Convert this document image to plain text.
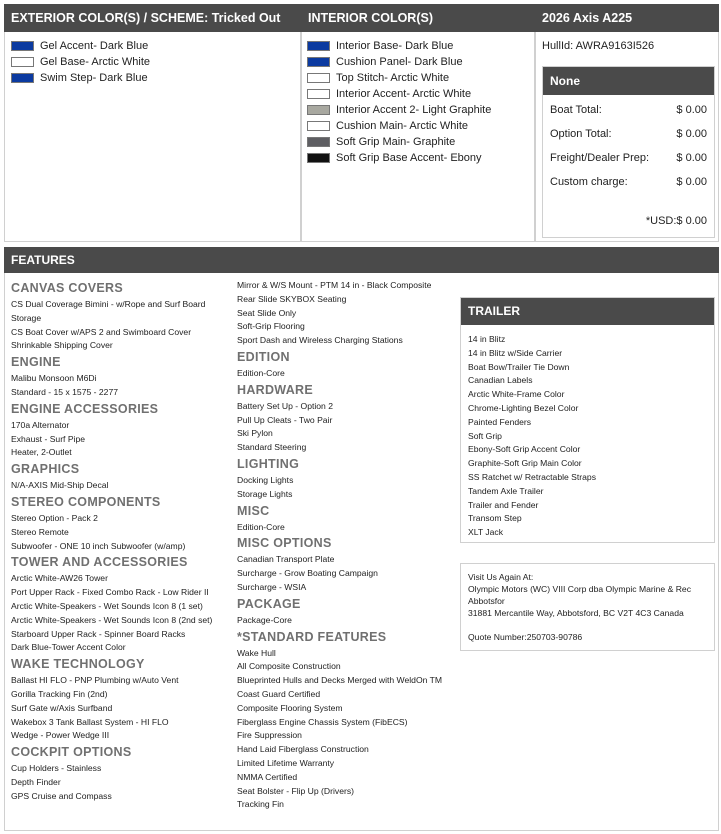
EXTERIOR COLOR(S) / SCHEME: Tricked Out	INTERIOR COLOR(S)	2026 Axis A225
Gel Accent- Dark Blue
Gel Base- Arctic White
Swim Step- Dark Blue
Interior Base- Dark Blue
Cushion Panel- Dark Blue
Top Stitch- Arctic White
Interior Accent- Arctic White
Interior Accent 2- Light Graphite
Cushion Main- Arctic White
Soft Grip Main- Graphite
Soft Grip Base Accent- Ebony
HullId: AWRA9163I526
None
Boat Total:	$ 0.00
Option Total:	$ 0.00
Freight/Dealer Prep: $ 0.00
Custom charge:	$ 0.00
*USD:$ 0.00
FEATURES
CANVAS COVERS
CS Dual Coverage Bimini - w/Rope and Surf Board
Storage
CS Boat Cover w/APS 2 and Swimboard Cover
Shrinkable Shipping Cover
ENGINE
Malibu Monsoon M6Di
Standard - 15 x 1575 - 2277
ENGINE ACCESSORIES
170a Alternator
Exhaust - Surf Pipe
Heater, 2-Outlet
GRAPHICS
N/A-AXIS Mid-Ship Decal
STEREO COMPONENTS
Stereo Option - Pack 2
Stereo Remote
Subwoofer - ONE 10 inch Subwoofer (w/amp)
TOWER AND ACCESSORIES
Arctic White-AW26 Tower
Port Upper Rack - Fixed Combo Rack - Low Rider II
Arctic White-Speakers - Wet Sounds Icon 8 (1 set)
Arctic White-Speakers - Wet Sounds Icon 8 (2nd set)
Starboard Upper Rack - Spinner Board Racks
Dark Blue-Tower Accent Color
WAKE TECHNOLOGY
Ballast HI FLO - PNP Plumbing w/Auto Vent
Gorilla Tracking Fin (2nd)
Surf Gate w/Axis Surfband
Wakebox 3 Tank Ballast System - HI FLO
Wedge - Power Wedge III
COCKPIT OPTIONS
Cup Holders - Stainless
Depth Finder
GPS Cruise and Compass
Mirror & W/S Mount - PTM 14 in - Black Composite
Rear Slide SKYBOX Seating
Seat Slide Only
Soft-Grip Flooring
Sport Dash and Wireless Charging Stations
EDITION
Edition-Core
HARDWARE
Battery Set Up - Option 2
Pull Up Cleats - Two Pair
Ski Pylon
Standard Steering
LIGHTING
Docking Lights
Storage Lights
MISC
Edition-Core
MISC OPTIONS
Canadian Transport Plate
Surcharge - Grow Boating Campaign
Surcharge - WSIA
PACKAGE
Package-Core
*STANDARD FEATURES
Wake Hull
All Composite Construction
Blueprinted Hulls and Decks Merged with WeldOn TM
Coast Guard Certified
Composite Flooring System
Fiberglass Engine Chassis System (FibECS)
Fire Suppression
Hand Laid Fiberglass Construction
Limited Lifetime Warranty
NMMA Certified
Seat Bolster - Flip Up (Drivers)
Tracking Fin
TRAILER
14 in Blitz
14 in Blitz w/Side Carrier
Boat Bow/Trailer Tie Down
Canadian Labels
Arctic White-Frame Color
Chrome-Lighting Bezel Color
Painted Fenders
Soft Grip
Ebony-Soft Grip Accent Color
Graphite-Soft Grip Main Color
SS Ratchet w/ Retractable Straps
Tandem Axle Trailer
Trailer and Fender
Transom Step
XLT Jack
Visit Us Again At:
Olympic Motors (WC) VIII Corp dba Olympic Marine & Rec
Abbotsfor
31881 Mercantile Way, Abbotsford, BC V2T 4C3 Canada
Quote Number:250703-90786
